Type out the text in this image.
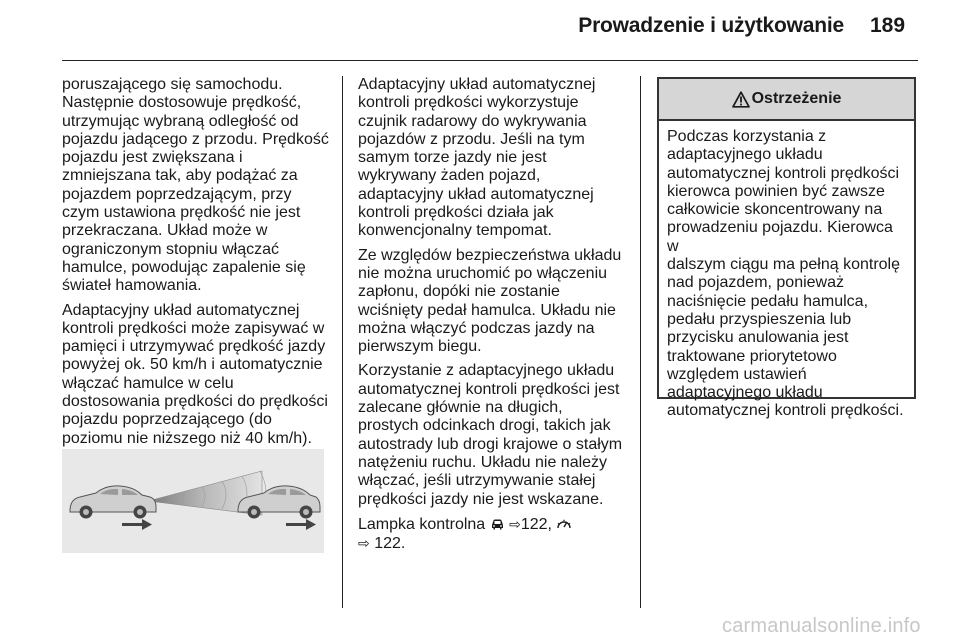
Prowadzenie i użytkowanie 189

poruszającego się samochodu.
Następnie dostosowuje prędkość,
utrzymując wybraną odległość od
pojazdu jadącego z przodu. Prędkość
pojazdu jest zwiększana i
zmniejszana tak, aby podążać za
pojazdem poprzedzającym, przy
czym ustawiona prędkość nie jest
przekraczana. Układ może w
ograniczonym stopniu włączać
hamulce, powodując zapalenie się
świateł hamowania.

Adaptacyjny układ automatycznej
kontroli prędkości może zapisywać w
pamięci i utrzymywać prędkość jazdy
powyżej ok. 50 km/h i automatycznie
włączać hamulce w celu
dostosowania prędkości do prędkości
pojazdu poprzedzającego (do
poziomu nie niższego niż 40 km/h).

Adaptacyjny układ automatycznej
kontroli prędkości wykorzystuje
czujnik radarowy do wykrywania
pojazdów z przodu. Jeśli na tym
samym torze jazdy nie jest
wykrywany żaden pojazd,
adaptacyjny układ automatycznej
kontroli prędkości działa jak
konwencjonalny tempomat.

Ze względów bezpieczeństwa układu
nie można uruchomić po włączeniu
zapłonu, dopóki nie zostanie
wciśnięty pedał hamulca. Układu nie
można włączyć podczas jazdy na
pierwszym biegu.

Korzystanie z adaptacyjnego układu
automatycznej kontroli prędkości jest
zalecane głównie na długich,
prostych odcinkach drogi, takich jak
autostrady lub drogi krajowe o stałym
natężeniu ruchu. Układu nie należy
włączać, jeśli utrzymywanie stałej
prędkości jazdy nie jest wskazane.

Lampka kontrolna ⇨122,
⇨ 122.

Ostrzeżenie
Podczas korzystania z
adaptacyjnego układu
automatycznej kontroli prędkości
kierowca powinien być zawsze
całkowicie skoncentrowany na
prowadzeniu pojazdu. Kierowca w
dalszym ciągu ma pełną kontrolę
nad pojazdem, ponieważ
naciśnięcie pedału hamulca,
pedału przyspieszenia lub
przycisku anulowania jest
traktowane priorytetowo
względem ustawień
adaptacyjnego układu
automatycznej kontroli prędkości.
carmanualsonline.info
